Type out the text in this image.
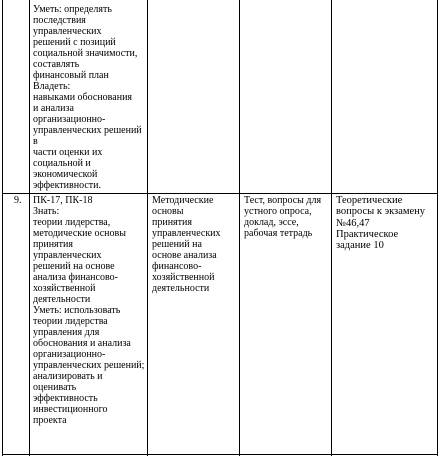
Уметь: определять
последствия
управленческих
решений с позиций
социальной значимости,
составлять
финансовый план
Владеть:
навыками обоснования
и анализа
организационно-
управленческих решений в
части оценки их
социальной и
экономической
эффективности.
9. ПК-17, ПК-18
Знать:
теории лидерства,
методические основы
принятия
управленческих
решений на основе
анализа финансово-
хозяйственной
деятельности
Уметь: использовать
теории лидерства
управления для
обоснования и анализа
организационно-
управленческих решений;
анализировать и
оценивать
эффективность
инвестиционного
проекта
Методические
основы
принятия
управленческих
решений на
основе анализа
финансово-
хозяйственной
деятельности
Тест, вопросы для
устного опроса,
доклад, эссе,
рабочая тетрадь
Теоретические
вопросы к экзамену
№46,47
Практическое
задание 10
